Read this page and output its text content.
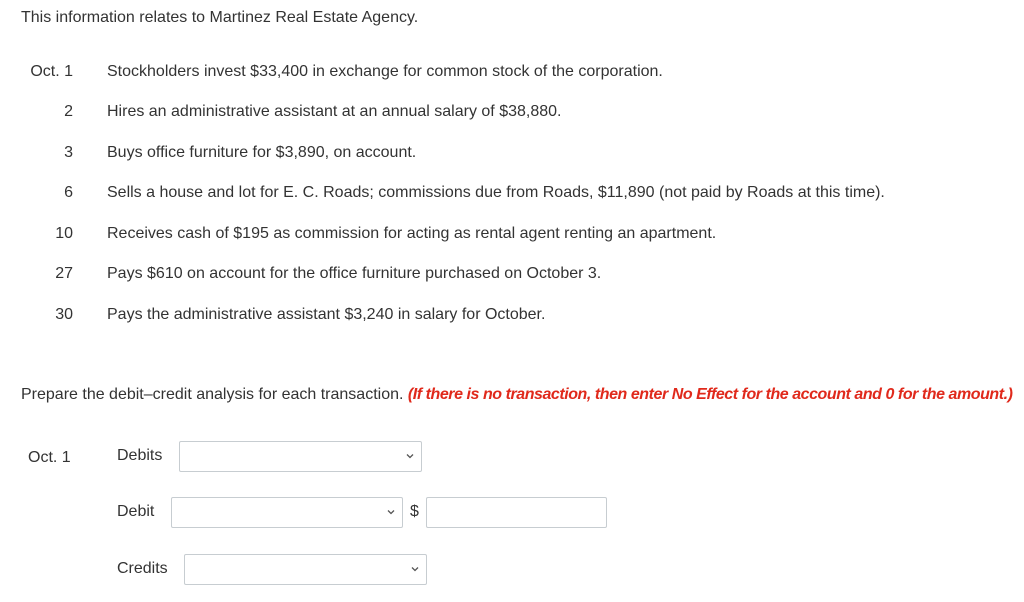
This information relates to Martinez Real Estate Agency.
Oct. 1 Stockholders invest $33,400 in exchange for common stock of the corporation.
2 Hires an administrative assistant at an annual salary of $38,880.
3 Buys office furniture for $3,890, on account.
6 Sells a house and lot for E. C. Roads; commissions due from Roads, $11,890 (not paid by Roads at this time).
10 Receives cash of $195 as commission for acting as rental agent renting an apartment.
27 Pays $610 on account for the office furniture purchased on October 3.
30 Pays the administrative assistant $3,240 in salary for October.
Prepare the debit–credit analysis for each transaction. (If there is no transaction, then enter No Effect for the account and 0 for the amount.)
Oct. 1	Debits
Debit	$
Credits
